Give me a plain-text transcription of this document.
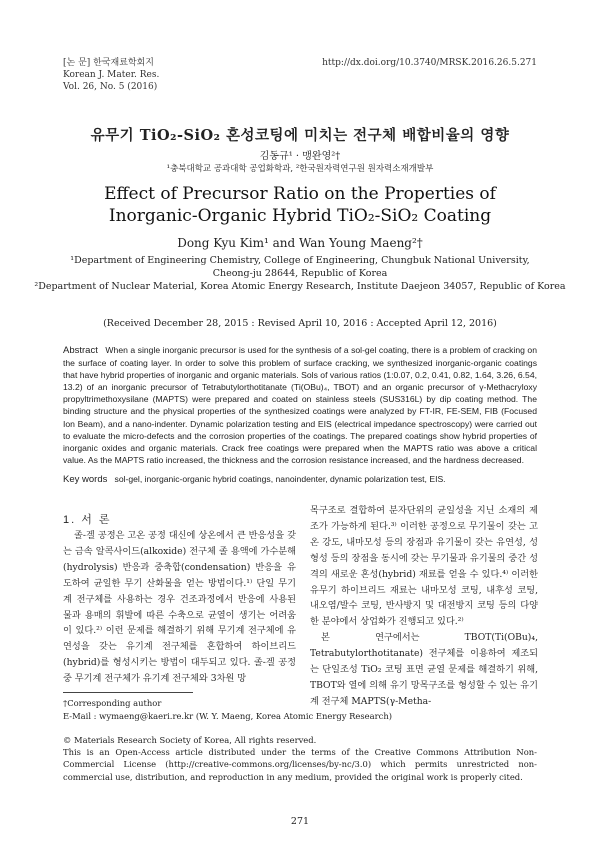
[논 문] 한국재료학회지
Korean J. Mater. Res.
Vol. 26, No. 5 (2016)
http://dx.doi.org/10.3740/MRSK.2016.26.5.271
유무기 TiO₂-SiO₂ 혼성코팅에 미치는 전구체 배합비율의 영향
김동규¹ · 맹완영²†
¹충북대학교 공과대학 공업화학과, ²한국원자력연구원 원자력소재개발부
Effect of Precursor Ratio on the Properties of
Inorganic-Organic Hybrid TiO₂-SiO₂ Coating
Dong Kyu Kim¹ and Wan Young Maeng²†
¹Department of Engineering Chemistry, College of Engineering, Chungbuk National University,
Cheong-ju 28644, Republic of Korea
²Department of Nuclear Material, Korea Atomic Energy Research, Institute Daejeon 34057, Republic of Korea
(Received December 28, 2015 : Revised April 10, 2016 : Accepted April 12, 2016)
Abstract When a single inorganic precursor is used for the synthesis of a sol-gel coating, there is a problem of cracking on the surface of coating layer. In order to solve this problem of surface cracking, we synthesized inorganic-organic coatings that have hybrid properties of inorganic and organic materials. Sols of various ratios (1:0.07, 0.2, 0.41, 0.82, 1.64, 3.26, 6.54, 13.2) of an inorganic precursor of Tetrabutylorthotitanate (Ti(OBu)₄, TBOT) and an organic precursor of γ-Methacryloxy propyltrimethoxysilane (MAPTS) were prepared and coated on stainless steels (SUS316L) by dip coating method. The binding structure and the physical properties of the synthesized coatings were analyzed by FT-IR, FE-SEM, FIB (Focused Ion Beam), and a nano-indenter. Dynamic polarization testing and EIS (electrical impedance spectroscopy) were carried out to evaluate the micro-defects and the corrosion properties of the coatings. The prepared coatings show hybrid properties of inorganic oxides and organic materials. Crack free coatings were prepared when the MAPTS ratio was above a critical value. As the MAPTS ratio increased, the thickness and the corrosion resistance increased, and the hardness decreased.
Key words sol-gel, inorganic-organic hybrid coatings, nanoindenter, dynamic polarization test, EIS.
1. 서 론

졸-겔 공정은 고온 공정 대신에 상온에서 큰 반응성을 갖는 금속 알콕사이드(alkoxide) 전구체 졸 용액에 가수분해(hydrolysis) 반응과 중축합(condensation) 반응을 유도하여 균일한 무기 산화물을 얻는 방법이다.¹⁾ 단일 무기계 전구체를 사용하는 경우 건조과정에서 반응에 사용된 물과 용매의 휘발에 따른 수축으로 균열이 생기는 어려움이 있다.²⁾ 이런 문제를 해결하기 위해 무기계 전구체에 유연성을 갖는 유기계 전구체를 혼합하여 하이브리드(hybrid)를 형성시키는 방법이 대두되고 있다. 졸-겔 공정 중 무기계 전구체가 유기계 전구체와 3차원 망

목구조로 결합하여 분자단위의 균일성을 지닌 소재의 제조가 가능하게 된다.³⁾ 이러한 공정으로 무기물이 갖는 고온 강도, 내마모성 등의 장점과 유기물이 갖는 유연성, 성형성 등의 장점을 동시에 갖는 무기물과 유기물의 중간 성격의 새로운 혼성(hybrid) 재료를 얻을 수 있다.⁴⁾ 이러한 유무기 하이브리드 재료는 내마모성 코팅, 내후성 코팅, 내오염/발수 코팅, 반사방지 및 대전방지 코팅 등의 다양한 분야에서 상업화가 진행되고 있다.²⁾

본 연구에서는 TBOT(Ti(OBu)₄, Tetrabutylorthotitanate) 전구체를 이용하여 제조되는 단일조성 TiO₂ 코팅 표면 균열 문제를 해결하기 위해, TBOT와 열에 의해 유기 망목구조를 형성할 수 있는 유기계 전구체 MAPTS(γ-Metha-

†Corresponding author
E-Mail : wymaeng@kaeri.re.kr (W. Y. Maeng, Korea Atomic Energy Research)
© Materials Research Society of Korea, All rights reserved.
This is an Open-Access article distributed under the terms of the Creative Commons Attribution Non-Commercial License (http://creative-commons.org/licenses/by-nc/3.0) which permits unrestricted non-commercial use, distribution, and reproduction in any medium, provided the original work is properly cited.
271
